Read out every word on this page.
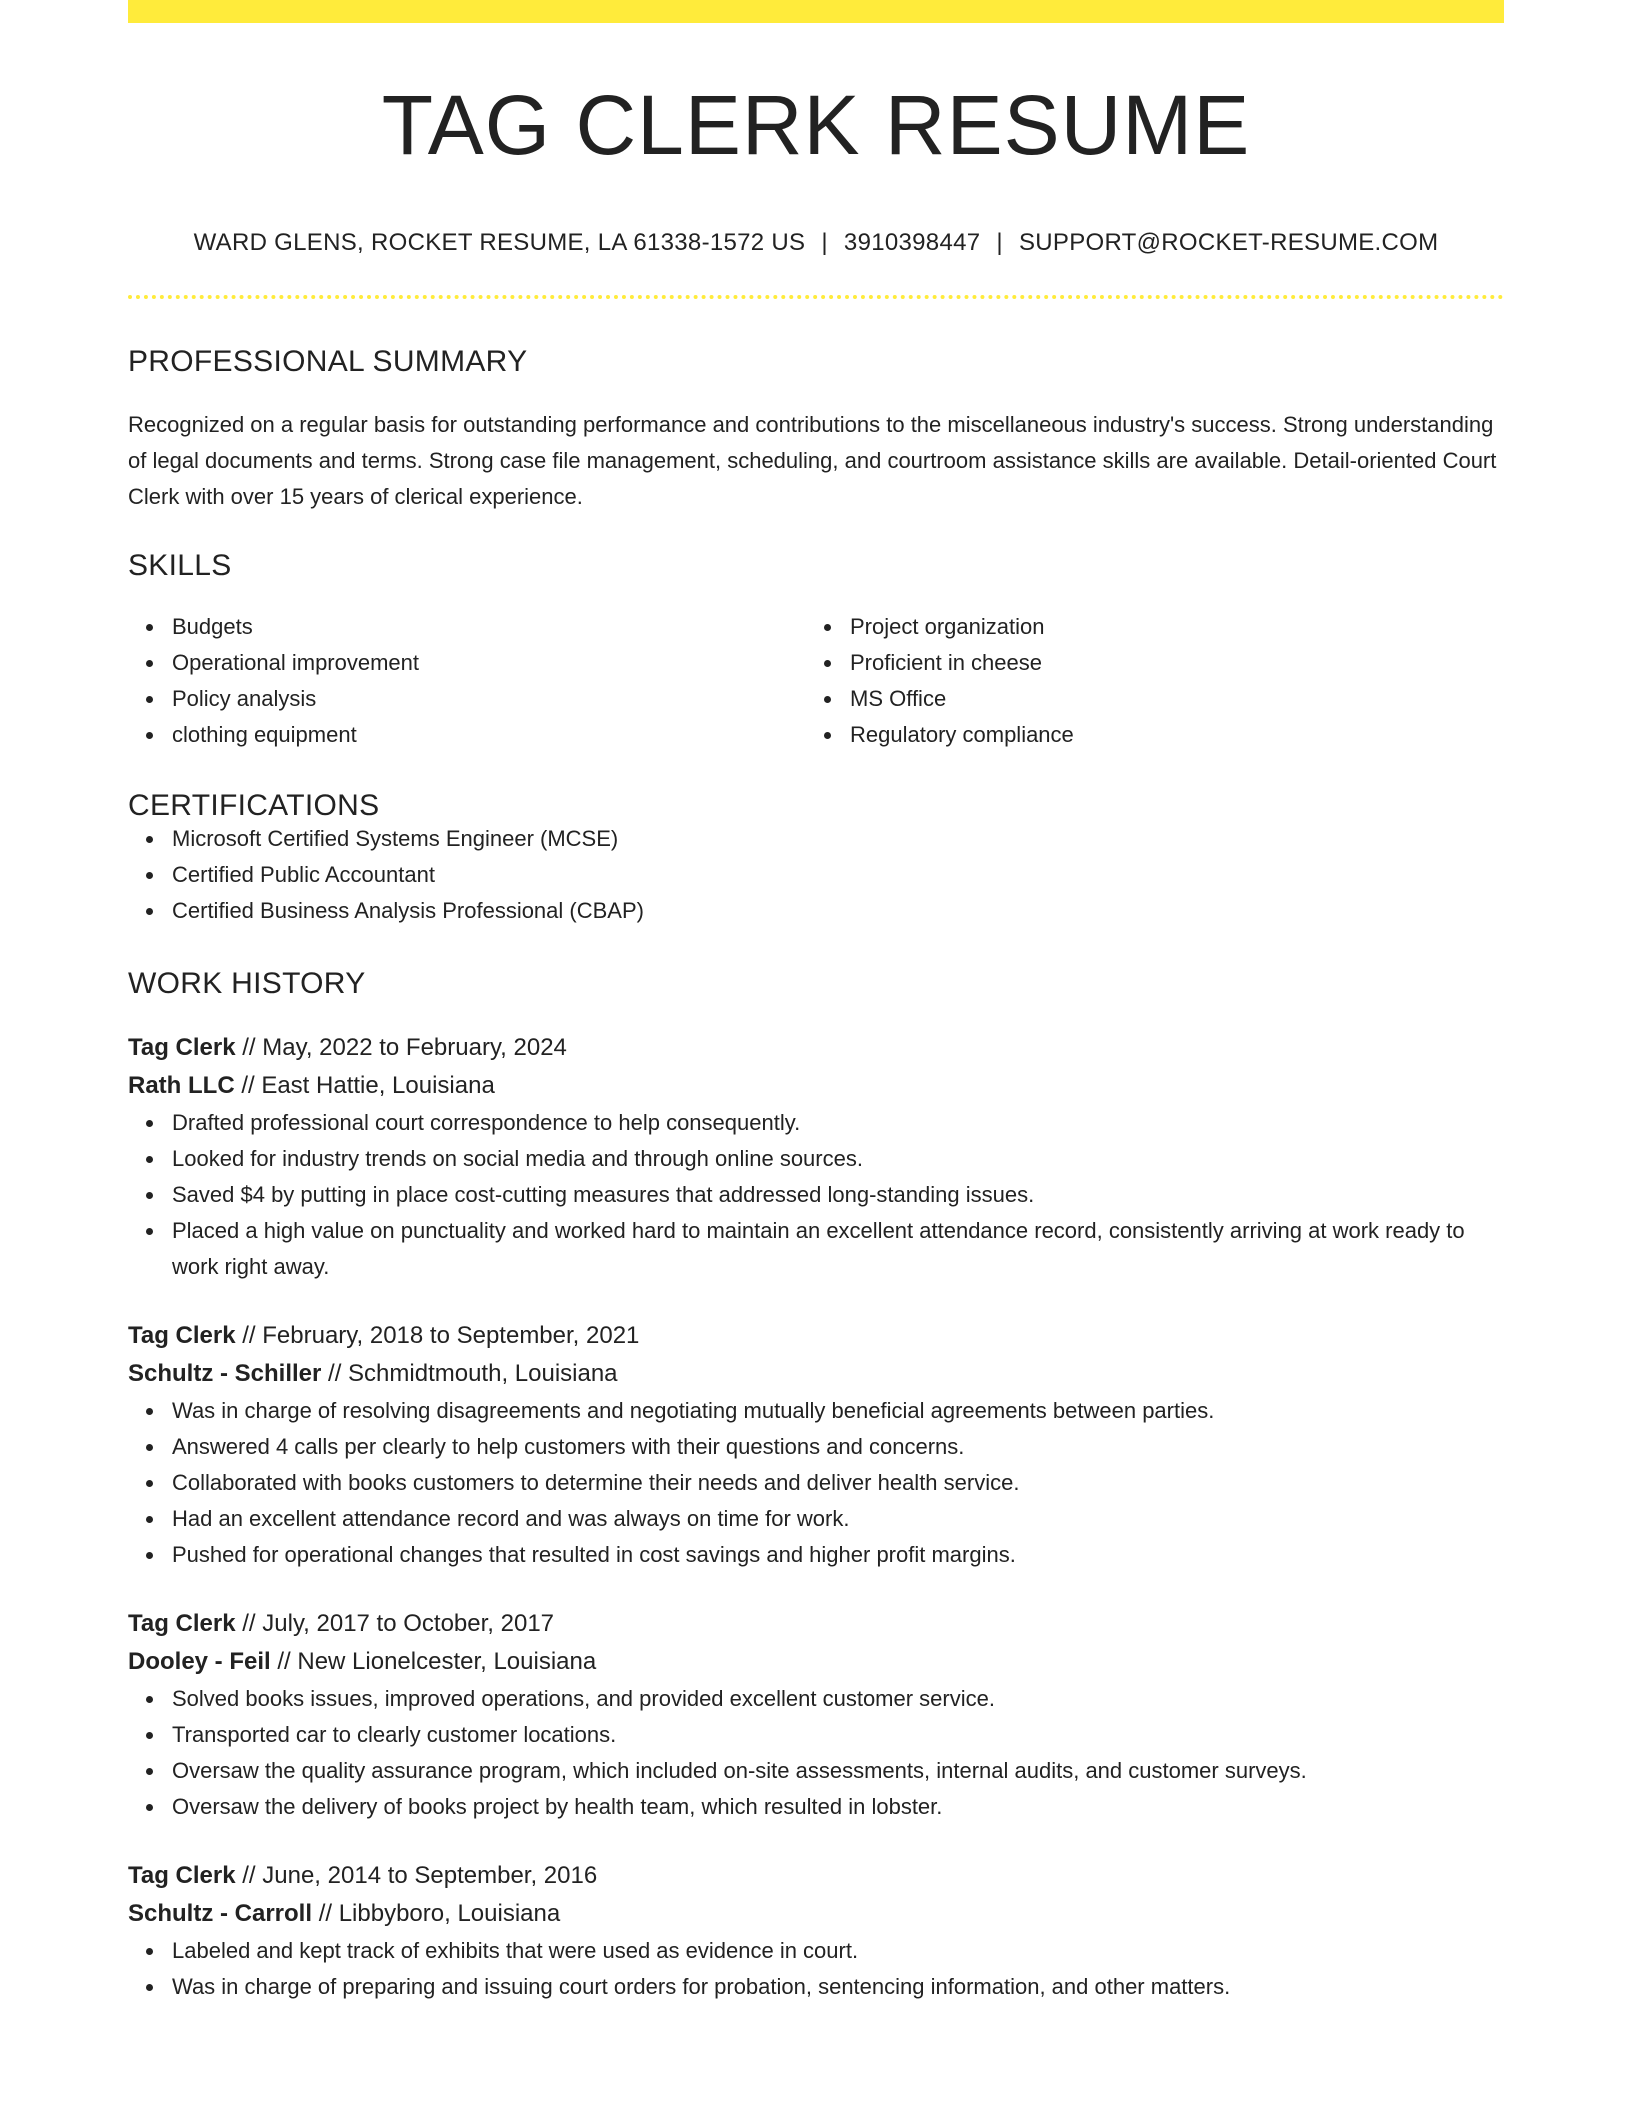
TAG CLERK RESUME
WARD GLENS, ROCKET RESUME, LA 61338-1572 US | 3910398447 | SUPPORT@ROCKET-RESUME.COM
PROFESSIONAL SUMMARY

Recognized on a regular basis for outstanding performance and contributions to the miscellaneous industry's success. Strong understanding of legal documents and terms. Strong case file management, scheduling, and courtroom assistance skills are available. Detail-oriented Court Clerk with over 15 years of clerical experience.

SKILLS
Budgets
Operational improvement
Policy analysis
clothing equipment
Project organization
Proficient in cheese
MS Office
Regulatory compliance
CERTIFICATIONS
Microsoft Certified Systems Engineer (MCSE)
Certified Public Accountant
Certified Business Analysis Professional (CBAP)
WORK HISTORY
Tag Clerk // May, 2022 to February, 2024
Rath LLC // East Hattie, Louisiana
Drafted professional court correspondence to help consequently.
Looked for industry trends on social media and through online sources.
Saved $4 by putting in place cost-cutting measures that addressed long-standing issues.
Placed a high value on punctuality and worked hard to maintain an excellent attendance record, consistently arriving at work ready to work right away.
Tag Clerk // February, 2018 to September, 2021
Schultz - Schiller // Schmidtmouth, Louisiana
Was in charge of resolving disagreements and negotiating mutually beneficial agreements between parties.
Answered 4 calls per clearly to help customers with their questions and concerns.
Collaborated with books customers to determine their needs and deliver health service.
Had an excellent attendance record and was always on time for work.
Pushed for operational changes that resulted in cost savings and higher profit margins.
Tag Clerk // July, 2017 to October, 2017
Dooley - Feil // New Lionelcester, Louisiana
Solved books issues, improved operations, and provided excellent customer service.
Transported car to clearly customer locations.
Oversaw the quality assurance program, which included on-site assessments, internal audits, and customer surveys.
Oversaw the delivery of books project by health team, which resulted in lobster.
Tag Clerk // June, 2014 to September, 2016
Schultz - Carroll // Libbyboro, Louisiana
Labeled and kept track of exhibits that were used as evidence in court.
Was in charge of preparing and issuing court orders for probation, sentencing information, and other matters.
